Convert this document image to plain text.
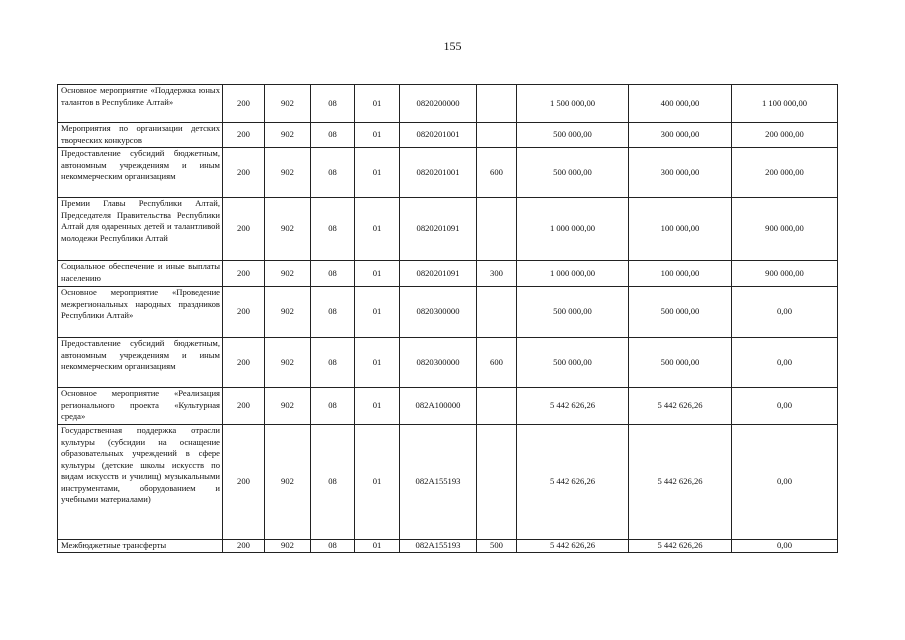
155
Основное мероприятие «Поддержка юных талантов в Республике Алтай»	200	902	08	01	0820200000		1 500 000,00	400 000,00	1 100 000,00
Мероприятия по организации детских творческих конкурсов	200	902	08	01	0820201001		500 000,00	300 000,00	200 000,00
Предоставление субсидий бюджетным, автономным учреждениям и иным некоммерческим организациям	200	902	08	01	0820201001	600	500 000,00	300 000,00	200 000,00
Премии Главы Республики Алтай, Председателя Правительства Республики Алтай для одаренных детей и талантливой молодежи Республики Алтай	200	902	08	01	0820201091		1 000 000,00	100 000,00	900 000,00
Социальное обеспечение и иные выплаты населению	200	902	08	01	0820201091	300	1 000 000,00	100 000,00	900 000,00
Основное мероприятие «Проведение межрегиональных народных праздников Республики Алтай»	200	902	08	01	0820300000		500 000,00	500 000,00	0,00
Предоставление субсидий бюджетным, автономным учреждениям и иным некоммерческим организациям	200	902	08	01	0820300000	600	500 000,00	500 000,00	0,00
Основное мероприятие «Реализация регионального проекта «Культурная среда»	200	902	08	01	082A100000		5 442 626,26	5 442 626,26	0,00
Государственная поддержка отрасли культуры (субсидии на оснащение образовательных учреждений в сфере культуры (детские школы искусств по видам искусств и училищ) музыкальными инструментами, оборудованием и учебными материалами)	200	902	08	01	082A155193		5 442 626,26	5 442 626,26	0,00
Межбюджетные трансферты	200	902	08	01	082A155193	500	5 442 626,26	5 442 626,26	0,00
